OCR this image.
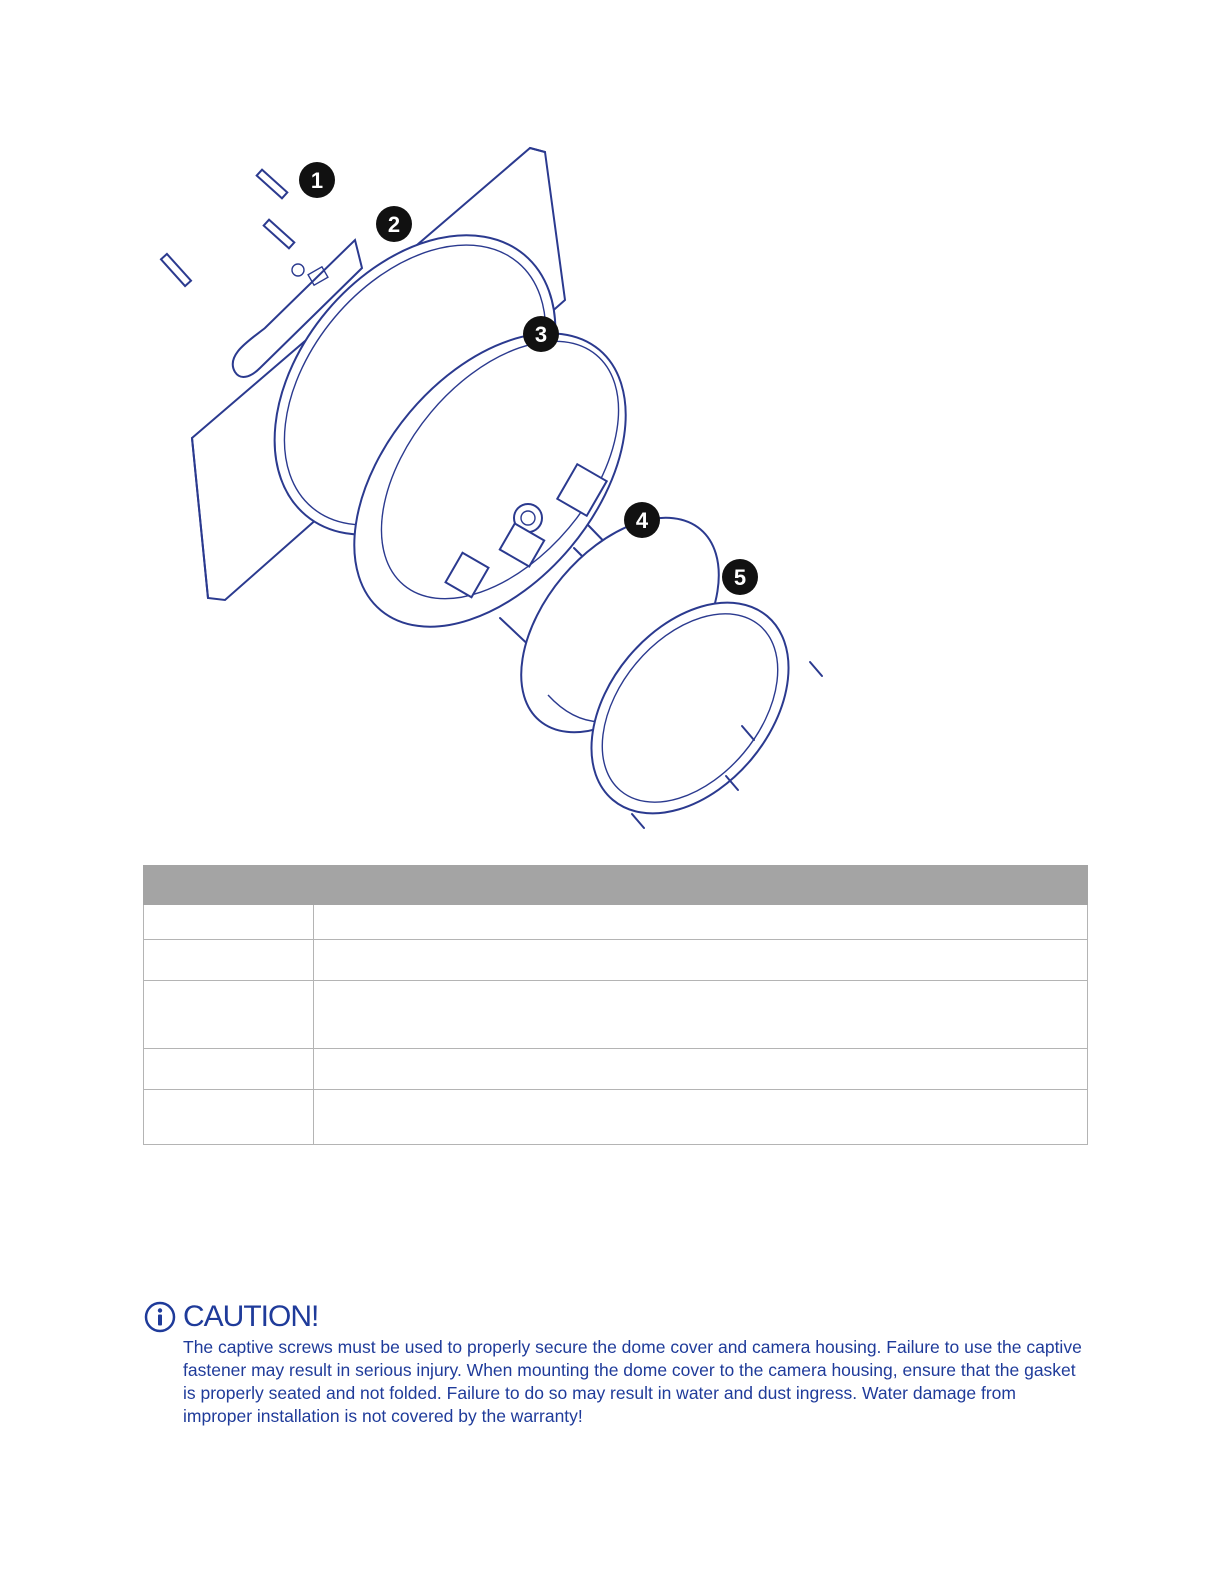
1
2
3
4
5

CAUTION!

The captive screws must be used to properly secure the dome cover and camera housing. Failure to use the captive fastener may result in serious injury. When mounting the dome cover to the camera housing, ensure that the gasket is properly seated and not folded. Failure to do so may result in water and dust ingress. Water damage from improper installation is not covered by the warranty!
